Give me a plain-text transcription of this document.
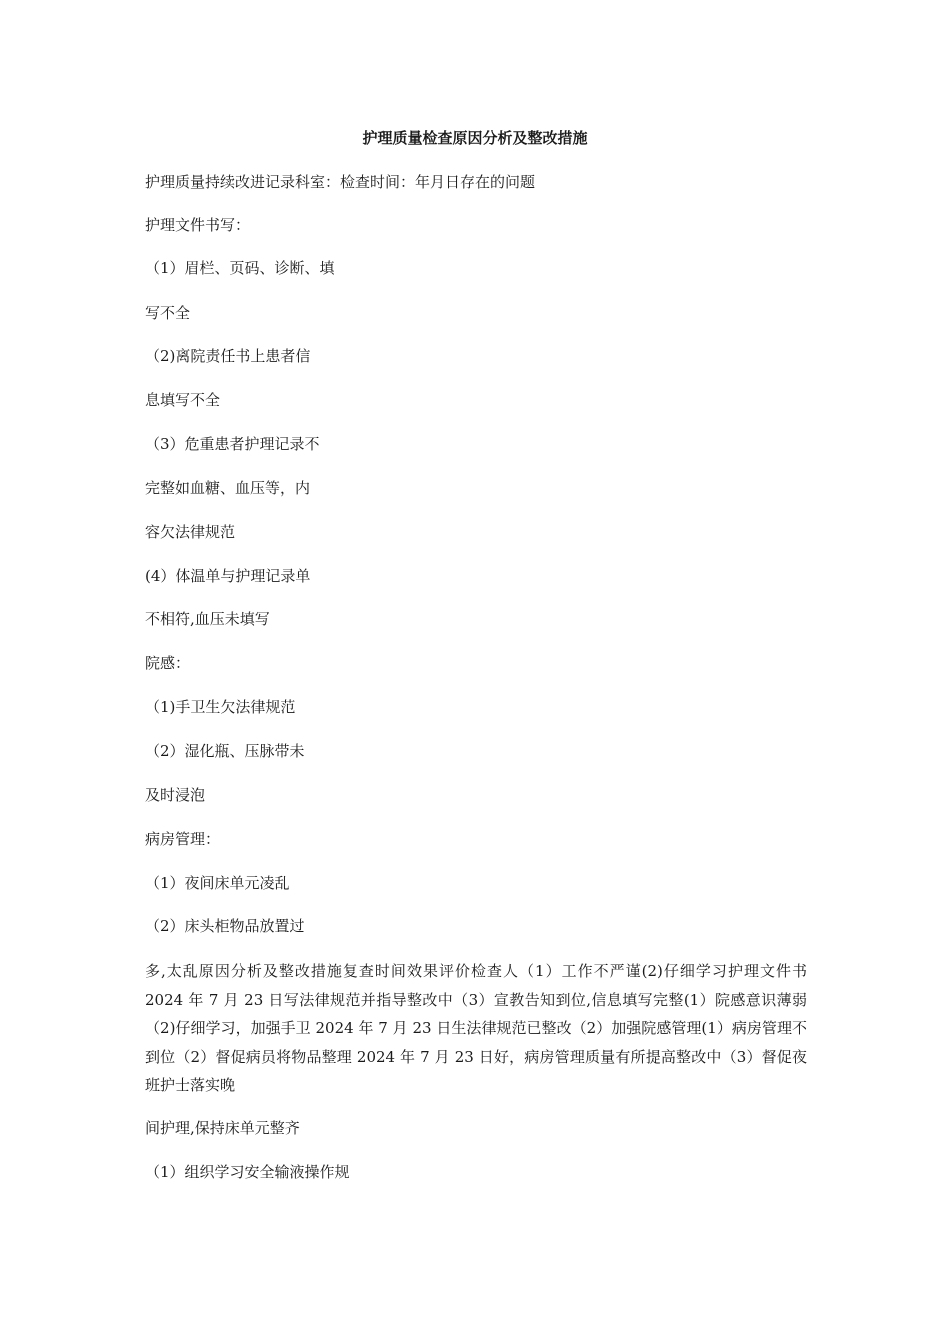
护理质量检查原因分析及整改措施
护理质量持续改进记录科室：检查时间：年月日存在的问题
护理文件书写：
（1）眉栏、页码、诊断、填
写不全
（2)离院责任书上患者信
息填写不全
（3）危重患者护理记录不
完整如血糖、血压等，内
容欠法律规范
(4）体温单与护理记录单
不相符,血压未填写
院感：
（1)手卫生欠法律规范
（2）湿化瓶、压脉带未
及时浸泡
病房管理：
（1）夜间床单元凌乱
（2）床头柜物品放置过
多,太乱原因分析及整改措施复查时间效果评价检查人（1）工作不严谨(2)仔细学习护理文件书 2024 年 7 月 23 日写法律规范并指导整改中（3）宣教告知到位,信息填写完整(1）院感意识薄弱（2)仔细学习，加强手卫 2024 年 7 月 23 日生法律规范已整改（2）加强院感管理(1）病房管理不到位（2）督促病员将物品整理 2024 年 7 月 23 日好，病房管理质量有所提高整改中（3）督促夜班护士落实晚
间护理,保持床单元整齐
（1）组织学习安全输液操作规
